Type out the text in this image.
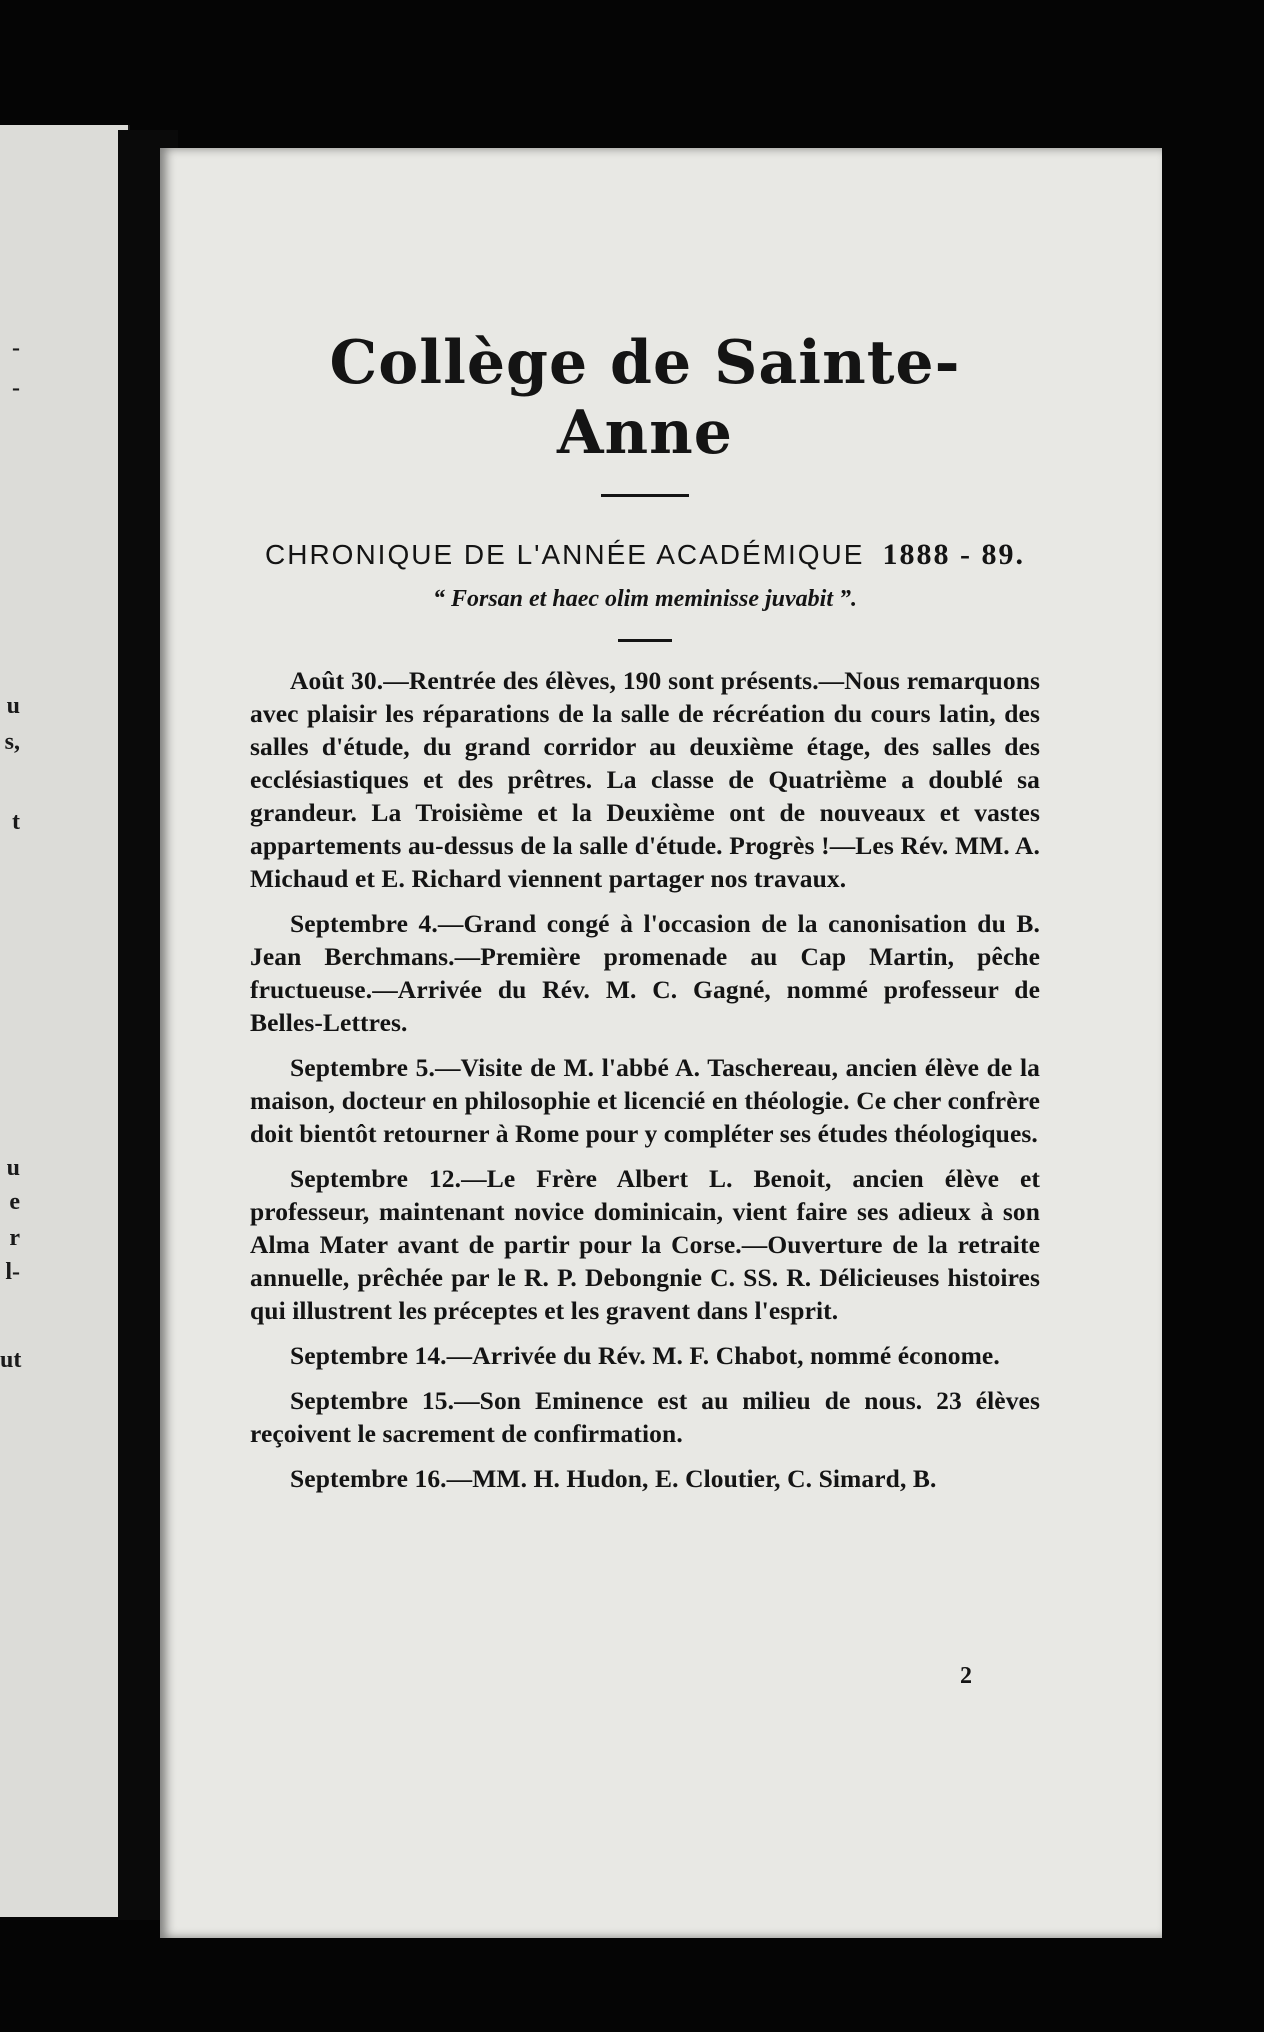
-
-
u
s,
t
u
e
r
l-
ut
Collège de Sainte-Anne
CHRONIQUE DE L'ANNÉE ACADÉMIQUE 1888 - 89.
“ Forsan et haec olim meminisse juvabit ”.

Août 30.—Rentrée des élèves, 190 sont présents.—Nous remarquons avec plaisir les réparations de la salle de récréation du cours latin, des salles d'étude, du grand corridor au deuxième étage, des salles des ecclésiastiques et des prêtres. La classe de Quatrième a doublé sa grandeur. La Troisième et la Deuxième ont de nouveaux et vastes appartements au-dessus de la salle d'étude. Progrès !—Les Rév. MM. A. Michaud et E. Richard viennent partager nos travaux.

Septembre 4.—Grand congé à l'occasion de la canonisation du B. Jean Berchmans.—Première promenade au Cap Martin, pêche fructueuse.—Arrivée du Rév. M. C. Gagné, nommé professeur de Belles-Lettres.

Septembre 5.—Visite de M. l'abbé A. Taschereau, ancien élève de la maison, docteur en philosophie et licencié en théologie. Ce cher confrère doit bientôt retourner à Rome pour y compléter ses études théologiques.

Septembre 12.—Le Frère Albert L. Benoit, ancien élève et professeur, maintenant novice dominicain, vient faire ses adieux à son Alma Mater avant de partir pour la Corse.—Ouverture de la retraite annuelle, prêchée par le R. P. Debongnie C. SS. R. Délicieuses histoires qui illustrent les préceptes et les gravent dans l'esprit.

Septembre 14.—Arrivée du Rév. M. F. Chabot, nommé économe.

Septembre 15.—Son Eminence est au milieu de nous. 23 élèves reçoivent le sacrement de confirmation.

Septembre 16.—MM. H. Hudon, E. Cloutier, C. Simard, B.

2
